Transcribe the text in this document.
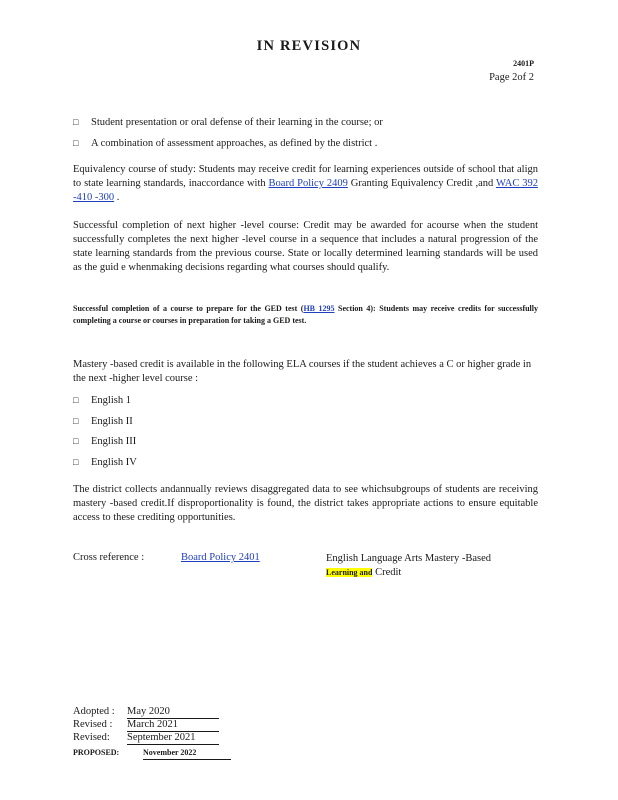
IN REVISION
2401P
Page 2of 2
□ Student presentation or oral defense of their learning in the course; or
□ A combination of assessment approaches, as defined by the district .
Equivalency course of study: Students may receive credit for learning experiences outside of school that align to state learning standards, inaccordance with Board Policy 2409 Granting Equivalency Credit ,and WAC 392 -410 -300 .
Successful completion of next higher -level course: Credit may be awarded for acourse when the student successfully completes the next higher -level course in a sequence that includes a natural progression of the state learning standards from the previous course. State or locally determined learning standards will be used as the guid e whenmaking decisions regarding what courses should qualify.
Successful completion of a course to prepare for the GED test (HB 1295 Section 4): Students may receive credits for successfully completing a course or courses in preparation for taking a GED test.
Mastery -based credit is available in the following ELA courses if the student achieves a C or higher grade in the next -higher level course :
□ English 1
□ English II
□ English III
□ English IV
The district collects andannually reviews disaggregated data to see whichsubgroups of students are receiving mastery -based credit.If disproportionality is found, the district takes appropriate actions to ensure equitable access to these crediting opportunities.
Cross reference :	Board Policy 2401	English Language Arts Mastery -Based
Learning and Credit
Adopted : May 2020
Revised : March 2021
Revised: September 2021
PROPOSED:	November 2022
